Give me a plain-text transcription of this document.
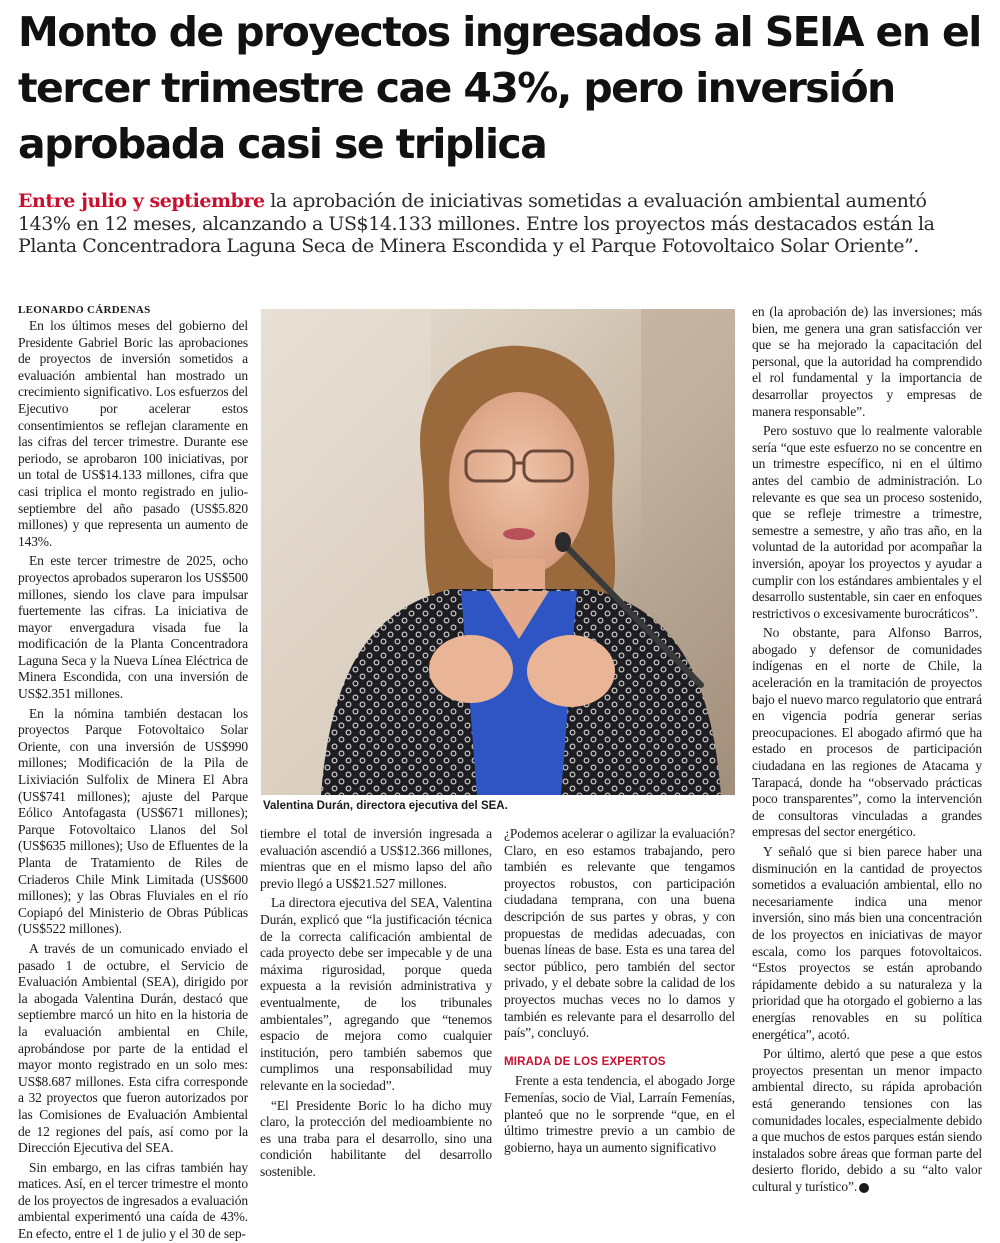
Monto de proyectos ingresados al SEIA en el tercer trimestre cae 43%, pero inversión aprobada casi se triplica

Entre julio y septiembre la aprobación de iniciativas sometidas a evaluación ambiental aumentó 143% en 12 meses, alcanzando a US$14.133 millones. Entre los proyectos más destacados están la Planta Concentradora Laguna Seca de Minera Escondida y el Parque Fotovoltaico Solar Oriente”.

LEONARDO CÁRDENAS

En los últimos meses del gobierno del Presidente Gabriel Boric las aprobaciones de proyectos de inversión sometidos a evaluación ambiental han mostrado un crecimiento significativo. Los esfuerzos del Ejecutivo por acelerar estos consentimientos se reflejan claramente en las cifras del tercer trimestre. Durante ese periodo, se aprobaron 100 iniciativas, por un total de US$14.133 millones, cifra que casi triplica el monto registrado en julio-septiembre del año pasado (US$5.820 millones) y que representa un aumento de 143%.

En este tercer trimestre de 2025, ocho proyectos aprobados superaron los US$500 millones, siendo los clave para impulsar fuertemente las cifras. La iniciativa de mayor envergadura visada fue la modificación de la Planta Concentradora Laguna Seca y la Nueva Línea Eléctrica de Minera Escondida, con una inversión de US$2.351 millones.

En la nómina también destacan los proyectos Parque Fotovoltaico Solar Oriente, con una inversión de US$990 millones; Modificación de la Pila de Lixiviación Sulfolix de Minera El Abra (US$741 millones); ajuste del Parque Eólico Antofagasta (US$671 millones); Parque Fotovoltaico Llanos del Sol (US$635 millones); Uso de Efluentes de la Planta de Tratamiento de Riles de Criaderos Chile Mink Limitada (US$600 millones); y las Obras Fluviales en el río Copiapó del Ministerio de Obras Públicas (US$522 millones).

A través de un comunicado enviado el pasado 1 de octubre, el Servicio de Evaluación Ambiental (SEA), dirigido por la abogada Valentina Durán, destacó que septiembre marcó un hito en la historia de la evaluación ambiental en Chile, aprobándose por parte de la entidad el mayor monto registrado en un solo mes: US$8.687 millones. Esta cifra corresponde a 32 proyectos que fueron autorizados por las Comisiones de Evaluación Ambiental de 12 regiones del país, así como por la Dirección Ejecutiva del SEA.

Sin embargo, en las cifras también hay matices. Así, en el tercer trimestre el monto de los proyectos de ingresados a evaluación ambiental experimentó una caída de 43%. En efecto, entre el 1 de julio y el 30 de sep-

Valentina Durán, directora ejecutiva del SEA.

tiembre el total de inversión ingresada a evaluación ascendió a US$12.366 millones, mientras que en el mismo lapso del año previo llegó a US$21.527 millones.

La directora ejecutiva del SEA, Valentina Durán, explicó que “la justificación técnica de la correcta calificación ambiental de cada proyecto debe ser impecable y de una máxima rigurosidad, porque queda expuesta a la revisión administrativa y eventualmente, de los tribunales ambientales”, agregando que “tenemos espacio de mejora como cualquier institución, pero también sabemos que cumplimos una responsabilidad muy relevante en la sociedad”.

“El Presidente Boric lo ha dicho muy claro, la protección del medioambiente no es una traba para el desarrollo, sino una condición habilitante del desarrollo sostenible.

¿Podemos acelerar o agilizar la evaluación? Claro, en eso estamos trabajando, pero también es relevante que tengamos proyectos robustos, con participación ciudadana temprana, con una buena descripción de sus partes y obras, y con propuestas de medidas adecuadas, con buenas líneas de base. Esta es una tarea del sector público, pero también del sector privado, y el debate sobre la calidad de los proyectos muchas veces no lo damos y también es relevante para el desarrollo del país”, concluyó.

MIRADA DE LOS EXPERTOS

Frente a esta tendencia, el abogado Jorge Femenías, socio de Vial, Larraín Femenías, planteó que no le sorprende “que, en el último trimestre previo a un cambio de gobierno, haya un aumento significativo

en (la aprobación de) las inversiones; más bien, me genera una gran satisfacción ver que se ha mejorado la capacitación del personal, que la autoridad ha comprendido el rol fundamental y la importancia de desarrollar proyectos y empresas de manera responsable”.

Pero sostuvo que lo realmente valorable sería “que este esfuerzo no se concentre en un trimestre específico, ni en el último antes del cambio de administración. Lo relevante es que sea un proceso sostenido, que se refleje trimestre a trimestre, semestre a semestre, y año tras año, en la voluntad de la autoridad por acompañar la inversión, apoyar los proyectos y ayudar a cumplir con los estándares ambientales y el desarrollo sustentable, sin caer en enfoques restrictivos o excesivamente burocráticos”.

No obstante, para Alfonso Barros, abogado y defensor de comunidades indígenas en el norte de Chile, la aceleración en la tramitación de proyectos bajo el nuevo marco regulatorio que entrará en vigencia podría generar serias preocupaciones. El abogado afirmó que ha estado en procesos de participación ciudadana en las regiones de Atacama y Tarapacá, donde ha “observado prácticas poco transparentes”, como la intervención de consultoras vinculadas a grandes empresas del sector energético.

Y señaló que si bien parece haber una disminución en la cantidad de proyectos sometidos a evaluación ambiental, ello no necesariamente indica una menor inversión, sino más bien una concentración de los proyectos en iniciativas de mayor escala, como los parques fotovoltaicos. “Estos proyectos se están aprobando rápidamente debido a su naturaleza y la prioridad que ha otorgado el gobierno a las energías renovables en su política energética”, acotó.

Por último, alertó que pese a que estos proyectos presentan un menor impacto ambiental directo, su rápida aprobación está generando tensiones con las comunidades locales, especialmente debido a que muchos de estos parques están siendo instalados sobre áreas que forman parte del desierto florido, debido a su “alto valor cultural y turístico”.
